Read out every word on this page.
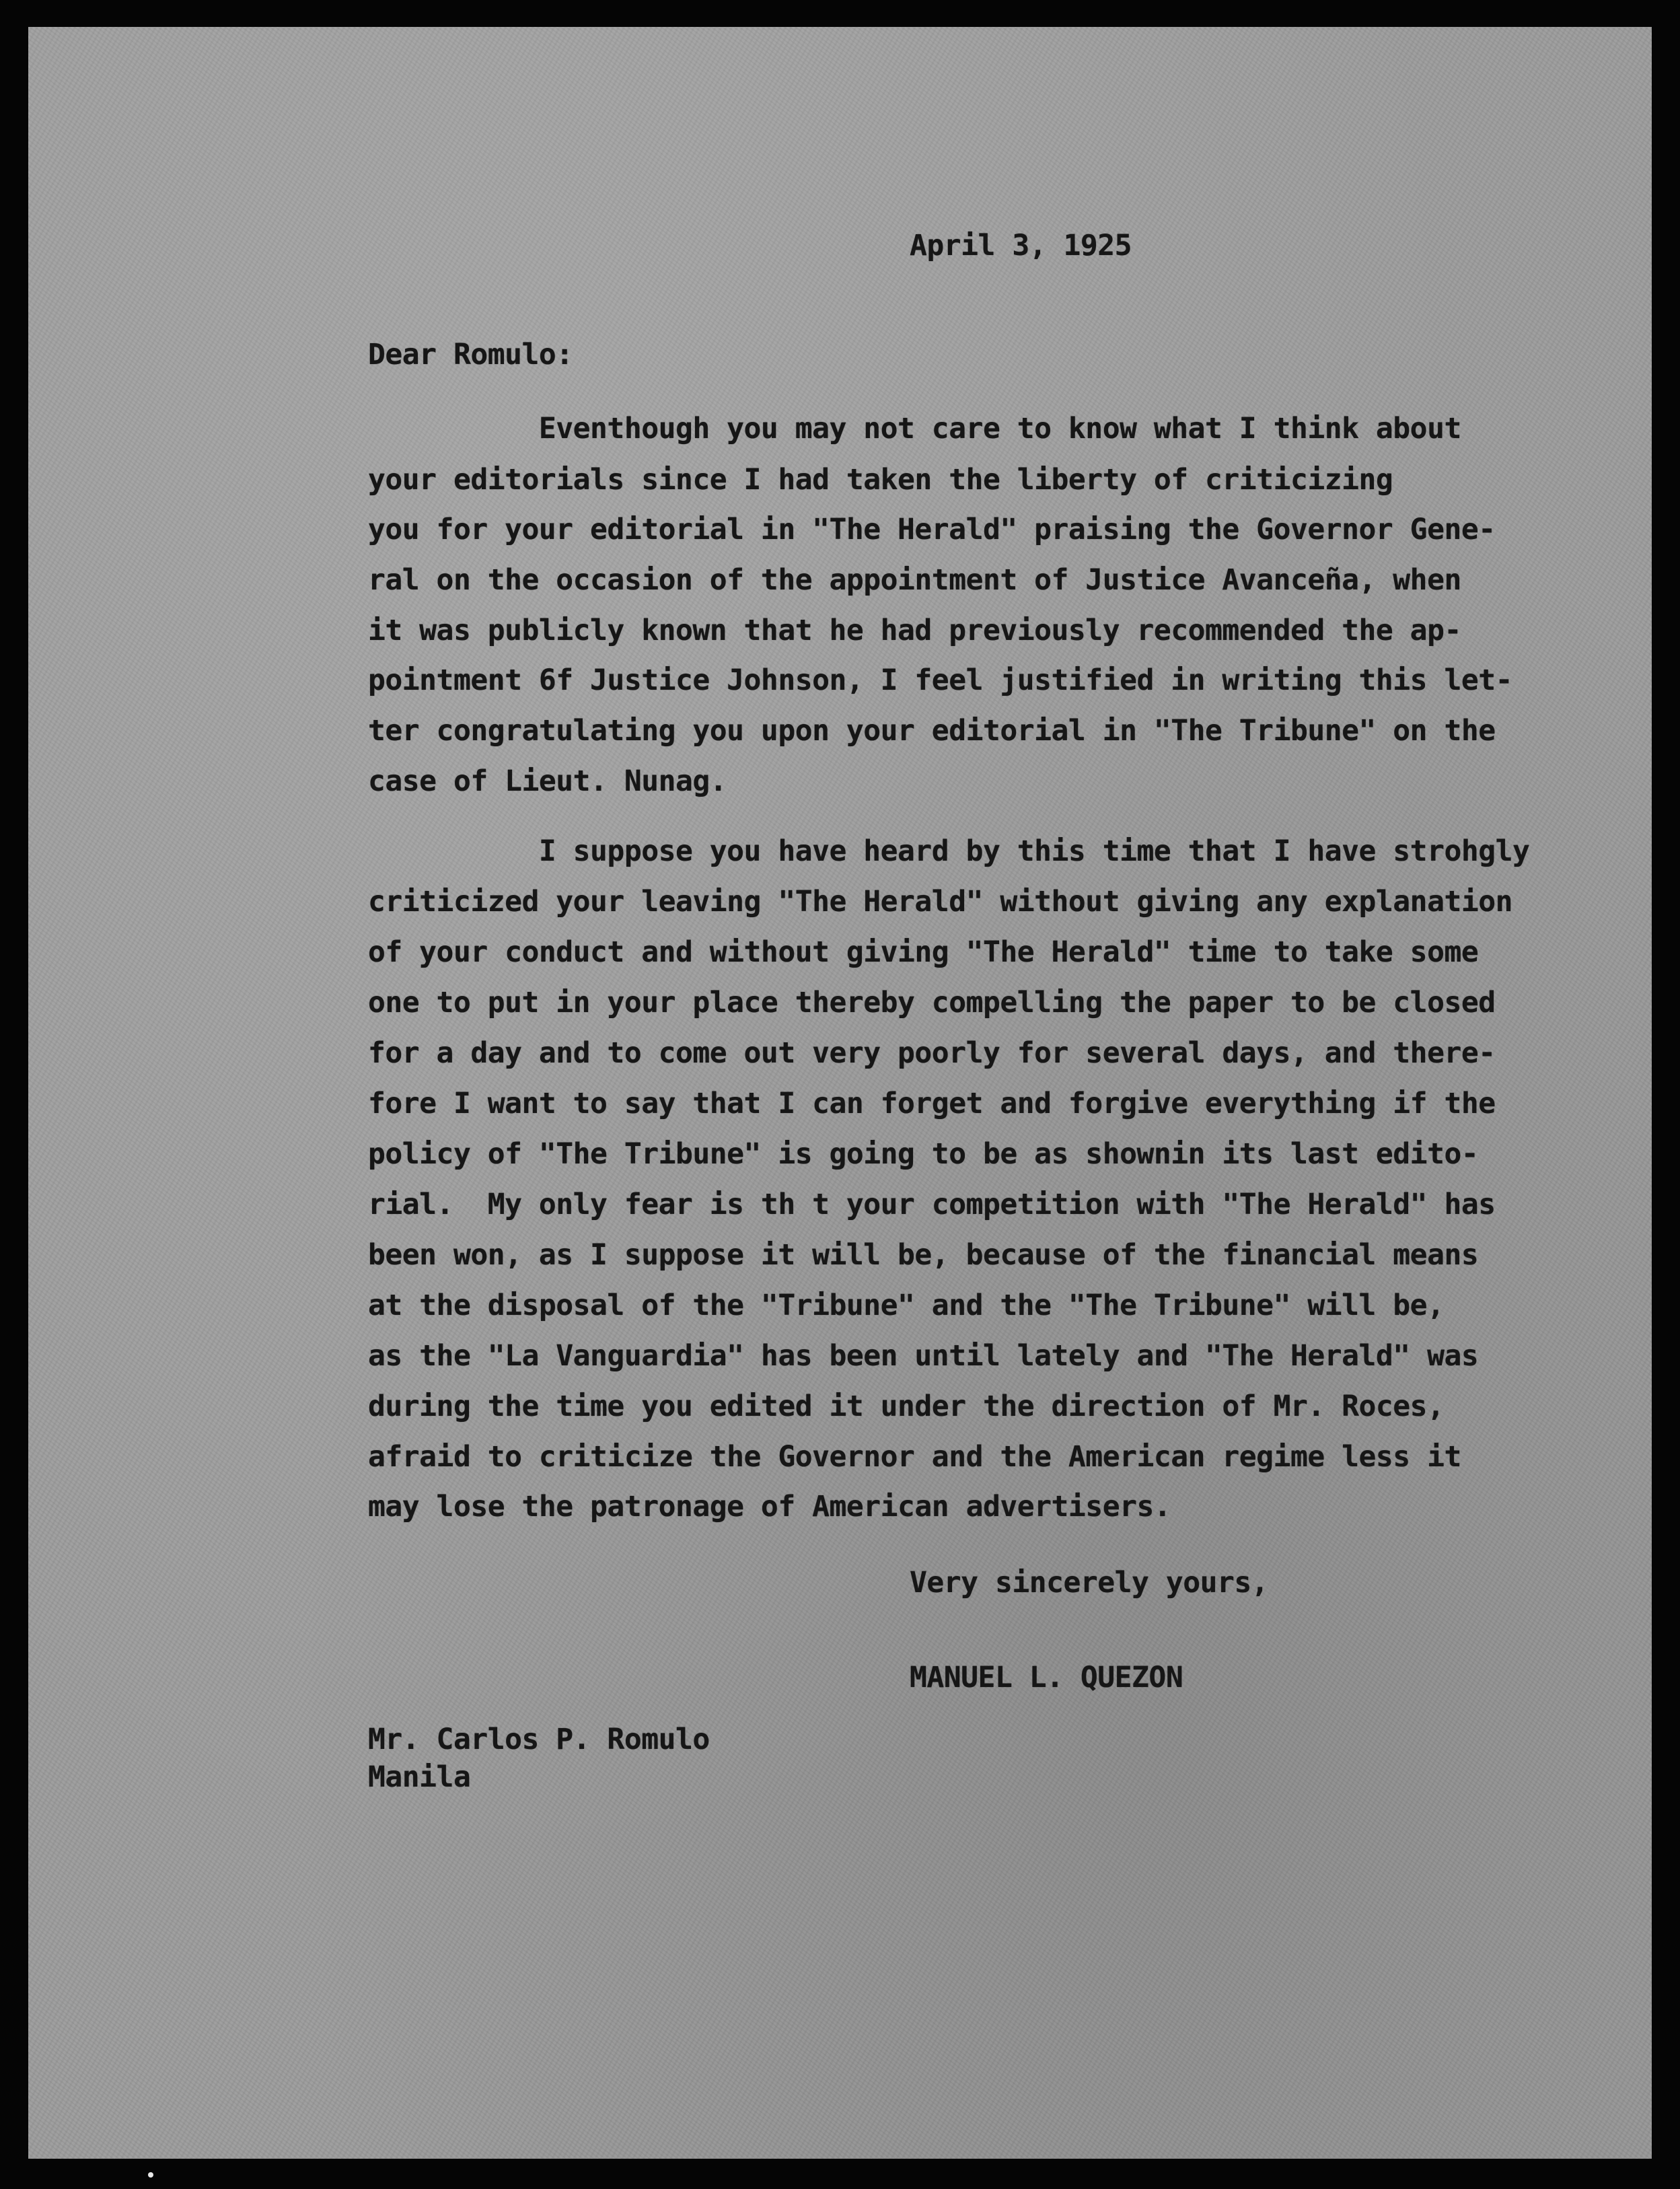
April 3, 1925
Dear Romulo:
Eventhough you may not care to know what I think about
your editorials since I had taken the liberty of criticizing
you for your editorial in "The Herald" praising the Governor Gene-
ral on the occasion of the appointment of Justice Avanceña, when
it was publicly known that he had previously recommended the ap-
pointment 6f Justice Johnson, I feel justified in writing this let-
ter congratulating you upon your editorial in "The Tribune" on the
case of Lieut. Nunag.
I suppose you have heard by this time that I have strohgly
criticized your leaving "The Herald" without giving any explanation
of your conduct and without giving "The Herald" time to take some
one to put in your place thereby compelling the paper to be closed
for a day and to come out very poorly for several days, and there-
fore I want to say that I can forget and forgive everything if the
policy of "The Tribune" is going to be as shownin its last edito-
rial.  My only fear is th t your competition with "The Herald" has
been won, as I suppose it will be, because of the financial means
at the disposal of the "Tribune" and the "The Tribune" will be,
as the "La Vanguardia" has been until lately and "The Herald" was
during the time you edited it under the direction of Mr. Roces,
afraid to criticize the Governor and the American regime less it
may lose the patronage of American advertisers.
Very sincerely yours,
MANUEL L. QUEZON
Mr. Carlos P. Romulo
Manila
